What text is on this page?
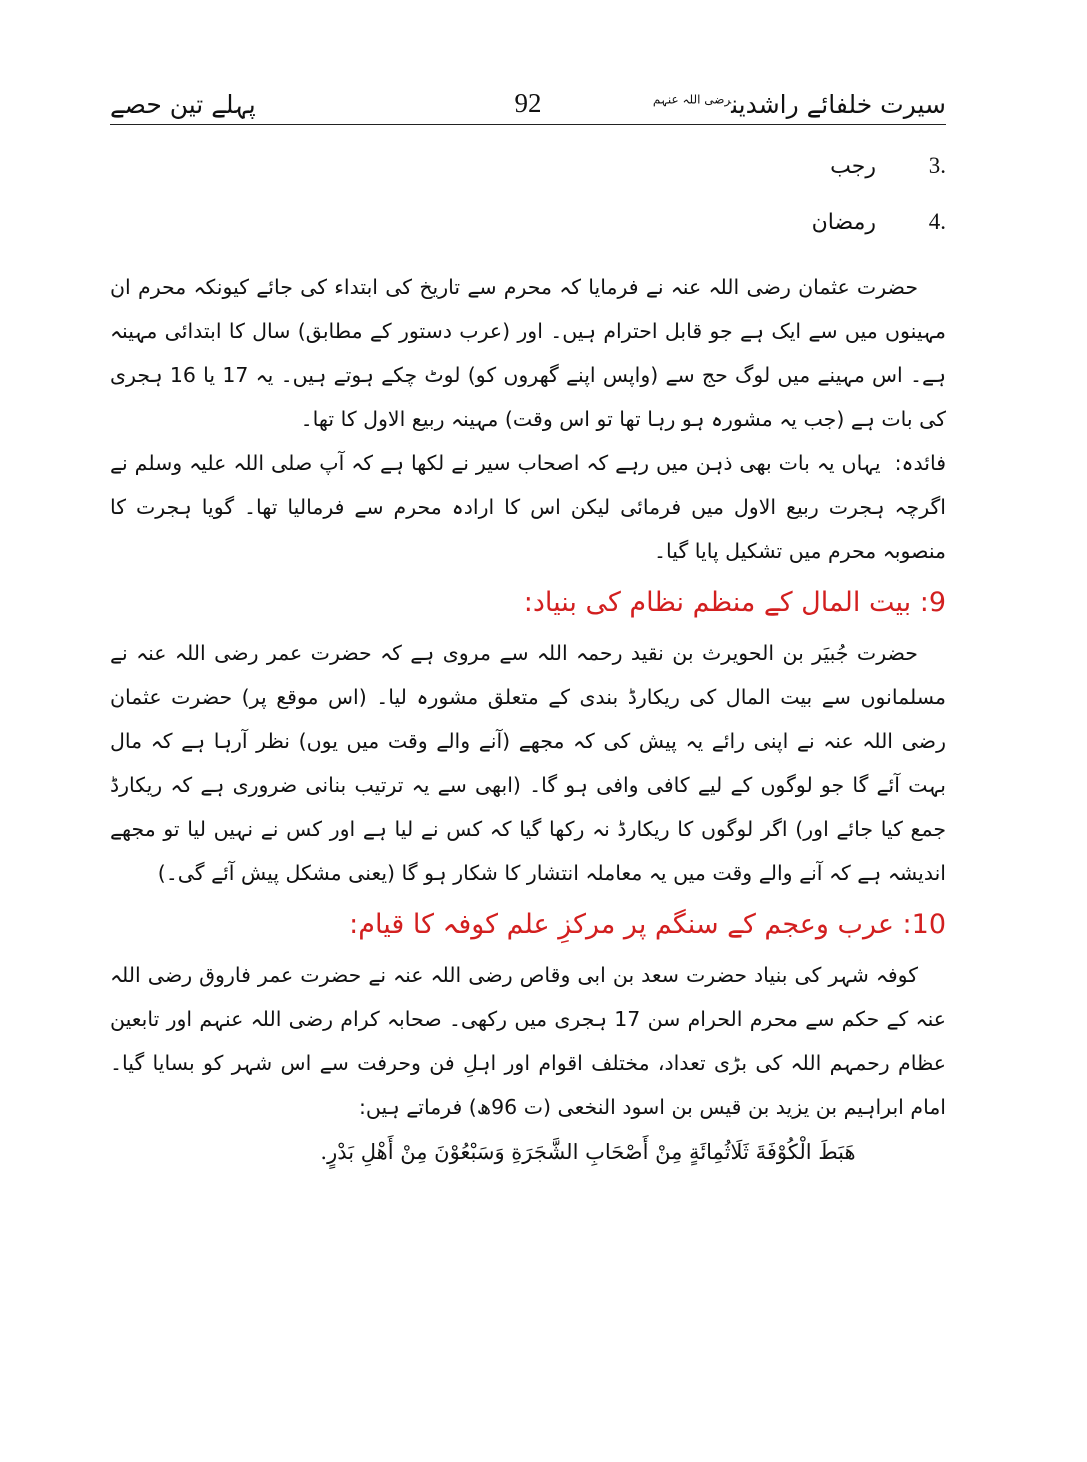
سیرت خلفائے راشدین$^{رضی اللہ عنہم}$
92
پہلے تین حصے
3.
رجب
4.
رمضان

حضرت عثمان رضی اللہ عنہ نے فرمایا کہ محرم سے تاریخ کی ابتداء کی جائے کیونکہ محرم ان مہینوں میں سے ایک ہے جو قابل احترام ہیں۔ اور (عرب دستور کے مطابق) سال کا ابتدائی مہینہ ہے۔ اس مہینے میں لوگ حج سے (واپس اپنے گھروں کو) لوٹ چکے ہوتے ہیں۔ یہ 17 یا 16 ہجری کی بات ہے (جب یہ مشورہ ہو رہا تھا تو اس وقت) مہینہ ربیع الاول کا تھا۔

فائدہ:یہاں یہ بات بھی ذہن میں رہے کہ اصحاب سیر نے لکھا ہے کہ آپ صلی اللہ علیہ وسلم نے اگرچہ ہجرت ربیع الاول میں فرمائی لیکن اس کا ارادہ محرم سے فرمالیا تھا۔ گویا ہجرت کا منصوبہ محرم میں تشکیل پایا گیا۔

9: بیت المال کے منظم نظام کی بنیاد:

حضرت جُبیَر بن الحویرث بن نقید رحمہ اللہ سے مروی ہے کہ حضرت عمر رضی اللہ عنہ نے مسلمانوں سے بیت المال کی ریکارڈ بندی کے متعلق مشورہ لیا۔ (اس موقع پر) حضرت عثمان رضی اللہ عنہ نے اپنی رائے یہ پیش کی کہ مجھے (آنے والے وقت میں یوں) نظر آرہا ہے کہ مال بہت آئے گا جو لوگوں کے لیے کافی وافی ہو گا۔ (ابھی سے یہ ترتیب بنانی ضروری ہے کہ ریکارڈ جمع کیا جائے اور) اگر لوگوں کا ریکارڈ نہ رکھا گیا کہ کس نے لیا ہے اور کس نے نہیں لیا تو مجھے اندیشہ ہے کہ آنے والے وقت میں یہ معاملہ انتشار کا شکار ہو گا (یعنی مشکل پیش آئے گی۔)

10: عرب وعجم کے سنگم پر مرکزِ علم کوفہ کا قیام:

کوفہ شہر کی بنیاد حضرت سعد بن ابی وقاص رضی اللہ عنہ نے حضرت عمر فاروق رضی اللہ عنہ کے حکم سے محرم الحرام سن 17 ہجری میں رکھی۔ صحابہ کرام رضی اللہ عنہم اور تابعین عظام رحمہم اللہ کی بڑی تعداد، مختلف اقوام اور اہلِ فن وحرفت سے اس شہر کو بسایا گیا۔ امام ابراہیم بن یزید بن قیس بن اسود النخعی (ت 96ھ) فرماتے ہیں:

هَبَطَ الْكُوْفَةَ ثَلَاثُمِائَةٍ مِنْ أَصْحَابِ الشَّجَرَةِ وَسَبْعُوْنَ مِنْ أَهْلِ بَدْرٍ.
